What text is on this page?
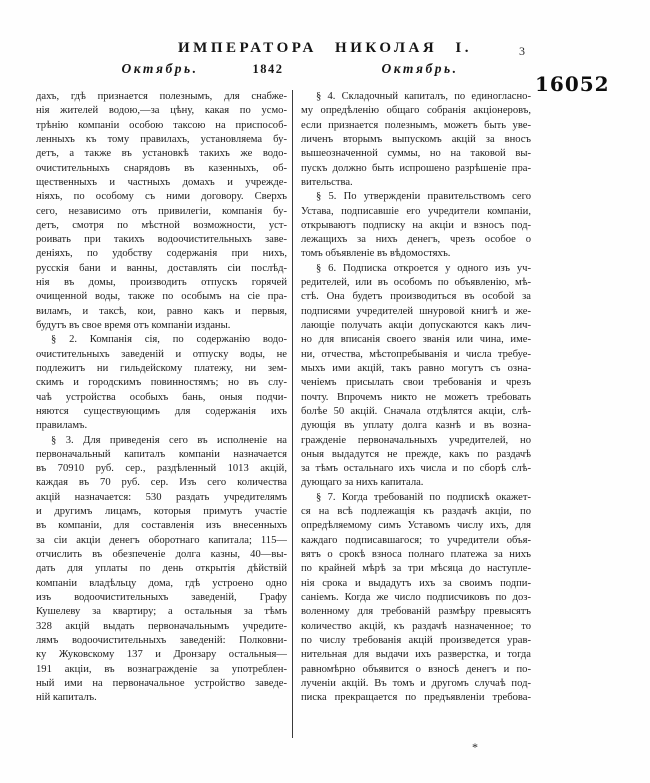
ИМПЕРАТОРА НИКОЛАЯ I.	3
Октябрь.	1842	Октябрь.
16052
дахъ, гдѣ признается полезнымъ, для снабже-
нія жителей водою,—за цѣну, какая по усмо-
трѣнію компаніи особою таксою на приспособ-
ленныхъ къ тому правилахъ, установляема бу-
детъ, а также въ установкѣ такихъ же водо-
очистительныхъ снарядовъ въ казенныхъ, об-
щественныхъ и частныхъ домахъ и учрежде-
ніяхъ, по особому съ ними договору. Сверхъ
сего, независимо отъ привилегіи, компанія бу-
детъ, смотря по мѣстной возможности, уст-
роивать при такихъ водоочистительныхъ заве-
деніяхъ, по удобству содержанія при нихъ,
русскія бани и ванны, доставлять сіи послѣд-
нія въ домы, производить отпускъ горячей
очищенной воды, также по особымъ на сіе пра-
виламъ, и таксѣ, кои, равно какъ и первыя,
будутъ въ свое время отъ компаніи изданы.
§ 2. Компанія сія, по содержанію водо-
очистительныхъ заведеній и отпуску воды, не
подлежитъ ни гильдейскому платежу, ни зем-
скимъ и городскимъ повинностямъ; но въ слу-
чаѣ устройства особыхъ бань, оныя подчи-
няются существующимъ для содержанія ихъ
правиламъ.
§ 3. Для приведенія сего въ исполненіе на
первоначальный капиталъ компаніи назначается
въ 70910 руб. сер., раздѣленный 1013 акцій,
каждая въ 70 руб. сер. Изъ сего количества
акцій назначается: 530 раздать учредителямъ
и другимъ лицамъ, которыя примутъ участіе
въ компаніи, для составленія изъ внесенныхъ
за сіи акціи денегъ оборотнаго капитала; 115—
отчислить въ обезпеченіе долга казны, 40—вы-
дать для уплаты по день открытія дѣйствій
компаніи владѣльцу дома, гдѣ устроено одно
изъ водоочистительныхъ заведеній, Графу
Кушелеву за квартиру; а остальныя за тѣмъ
328 акцій выдать первоначальнымъ учредите-
лямъ водоочистительныхъ заведеній: Полковни-
ку Жуковскому 137 и Дронзару остальныя—
191 акціи, въ вознагражденіе за употреблен-
ный ими на первоначальное устройство заведе-
ній капиталъ.
§ 4. Складочный капиталъ, по единогласно-
му опредѣленію общаго собранія акціонеровъ,
если признается полезнымъ, можетъ быть уве-
личенъ вторымъ выпускомъ акцій за вносъ
вышеозначенной суммы, но на таковой вы-
пускъ должно быть испрошено разрѣшеніе пра-
вительства.
§ 5. По утвержденіи правительствомъ сего
Устава, подписавшіе его учредители компаніи,
открываютъ подписку на акціи и взносъ под-
лежащихъ за нихъ денегъ, чрезъ особое о
томъ объявленіе въ вѣдомостяхъ.
§ 6. Подписка откроется у одного изъ уч-
редителей, или въ особомъ по объявленію, мѣ-
стѣ. Она будетъ производиться въ особой за
подписями учредителей шнуровой книгѣ и же-
лающіе получать акціи допускаются какъ лич-
но для вписанія своего званія или чина, име-
ни, отчества, мѣстопребыванія и числа требуе-
мыхъ ими акцій, такъ равно могутъ съ озна-
ченіемъ присылать свои требованія и чрезъ
почту. Впрочемъ никто не можетъ требовать
болѣе 50 акцій. Сначала отдѣлятся акціи, слѣ-
дующія въ уплату долга казнѣ и въ возна-
гражденіе первоначальныхъ учредителей, но
оныя выдадутся не прежде, какъ по раздачѣ
за тѣмъ остальнаго ихъ числа и по сборѣ слѣ-
дующаго за нихъ капитала.
§ 7. Когда требованій по подпискѣ окажет-
ся на всѣ подлежащія къ раздачѣ акціи, по
опредѣляемому симъ Уставомъ числу ихъ, для
каждаго подписавшагося; то учредители объя-
вятъ о срокѣ взноса полнаго платежа за нихъ
по крайней мѣрѣ за три мѣсяца до наступле-
нія срока и выдадутъ ихъ за своимъ подпи-
саніемъ. Когда же число подписчиковъ по доз-
воленному для требованій размѣру превысятъ
количество акцій, къ раздачѣ назначенное; то
по числу требованія акцій произведется урав-
нительная для выдачи ихъ разверстка, и тогда
равномѣрно объявится о взносѣ денегъ и по-
лученіи акцій. Въ томъ и другомъ случаѣ под-
писка прекращается по предъявленіи требова-
*
